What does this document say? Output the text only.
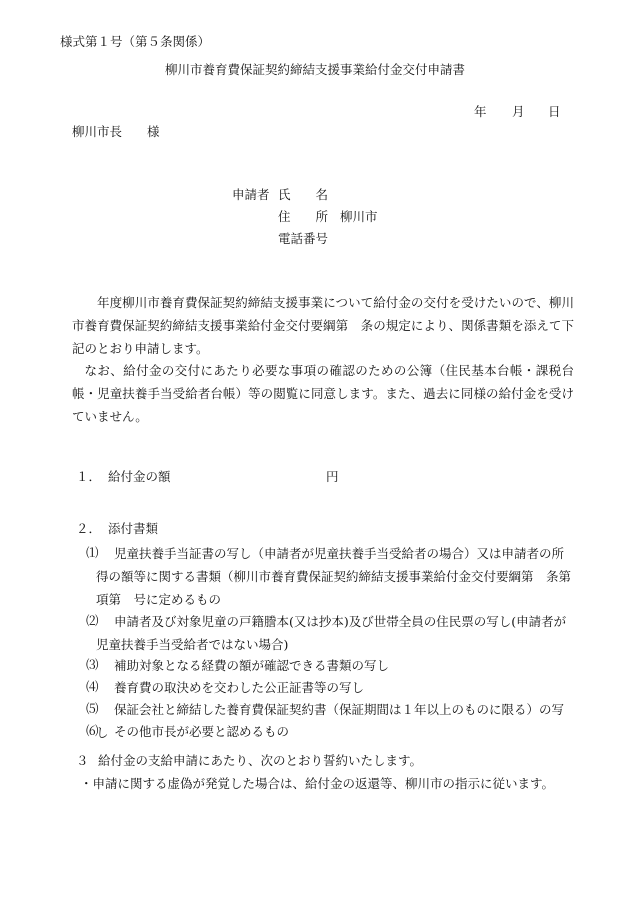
様式第１号（第５条関係）
柳川市養育費保証契約締結支援事業給付金交付申請書
年 月 日
柳川市長　　様
申請者 氏　　名
住　　所 柳川市
電話番号
年度柳川市養育費保証契約締結支援事業について給付金の交付を受けたいので、柳川市養育費保証契約締結支援事業給付金交付要綱第　条の規定により、関係書類を添えて下記のとおり申請します。
なお、給付金の交付にあたり必要な事項の確認のための公簿（住民基本台帳・課税台帳・児童扶養手当受給者台帳）等の閲覧に同意します。また、過去に同様の給付金を受けていません。
１． 給付金の額	円
２． 添付書類
⑴	児童扶養手当証書の写し（申請者が児童扶養手当受給者の場合）又は申請者の所得の額等に関する書類（柳川市養育費保証契約締結支援事業給付金交付要綱第　条第　項第　号に定めるもの
⑵	申請者及び対象児童の戸籍謄本(又は抄本)及び世帯全員の住民票の写し(申請者が児童扶養手当受給者ではない場合)
⑶	補助対象となる経費の額が確認できる書類の写し
⑷	養育費の取決めを交わした公正証書等の写し
⑸	保証会社と締結した養育費保証契約書（保証期間は１年以上のものに限る）の写し
⑹	その他市長が必要と認めるもの
３ 給付金の支給申請にあたり、次のとおり誓約いたします。
・申請に関する虚偽が発覚した場合は、給付金の返還等、柳川市の指示に従います。
